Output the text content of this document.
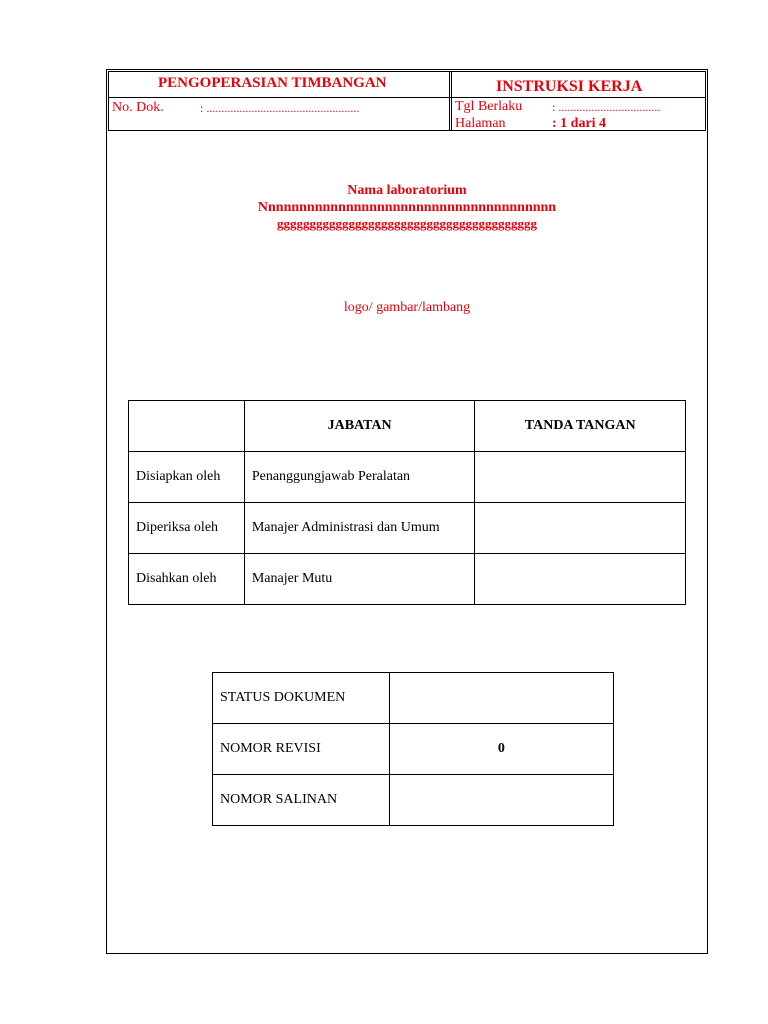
PENGOPERASIAN TIMBANGAN	INSTRUKSI KERJA
No. Dok.	: ...................................................	Tgl Berlaku : ..................................
Halaman	: 1 dari 4
Nama laboratorium
Nnnnnnnnnnnnnnnnnnnnnnnnnnnnnnnnnnnnnn
gggggggggggggggggggggggggggggggggggggggg
logo/ gambar/lambang
	JABATAN	TANDA TANGAN
Disiapkan oleh	Penanggungjawab Peralatan	
Diperiksa oleh	Manajer Administrasi dan Umum	
Disahkan oleh	Manajer Mutu	
STATUS DOKUMEN	
NOMOR REVISI	0
NOMOR SALINAN	
